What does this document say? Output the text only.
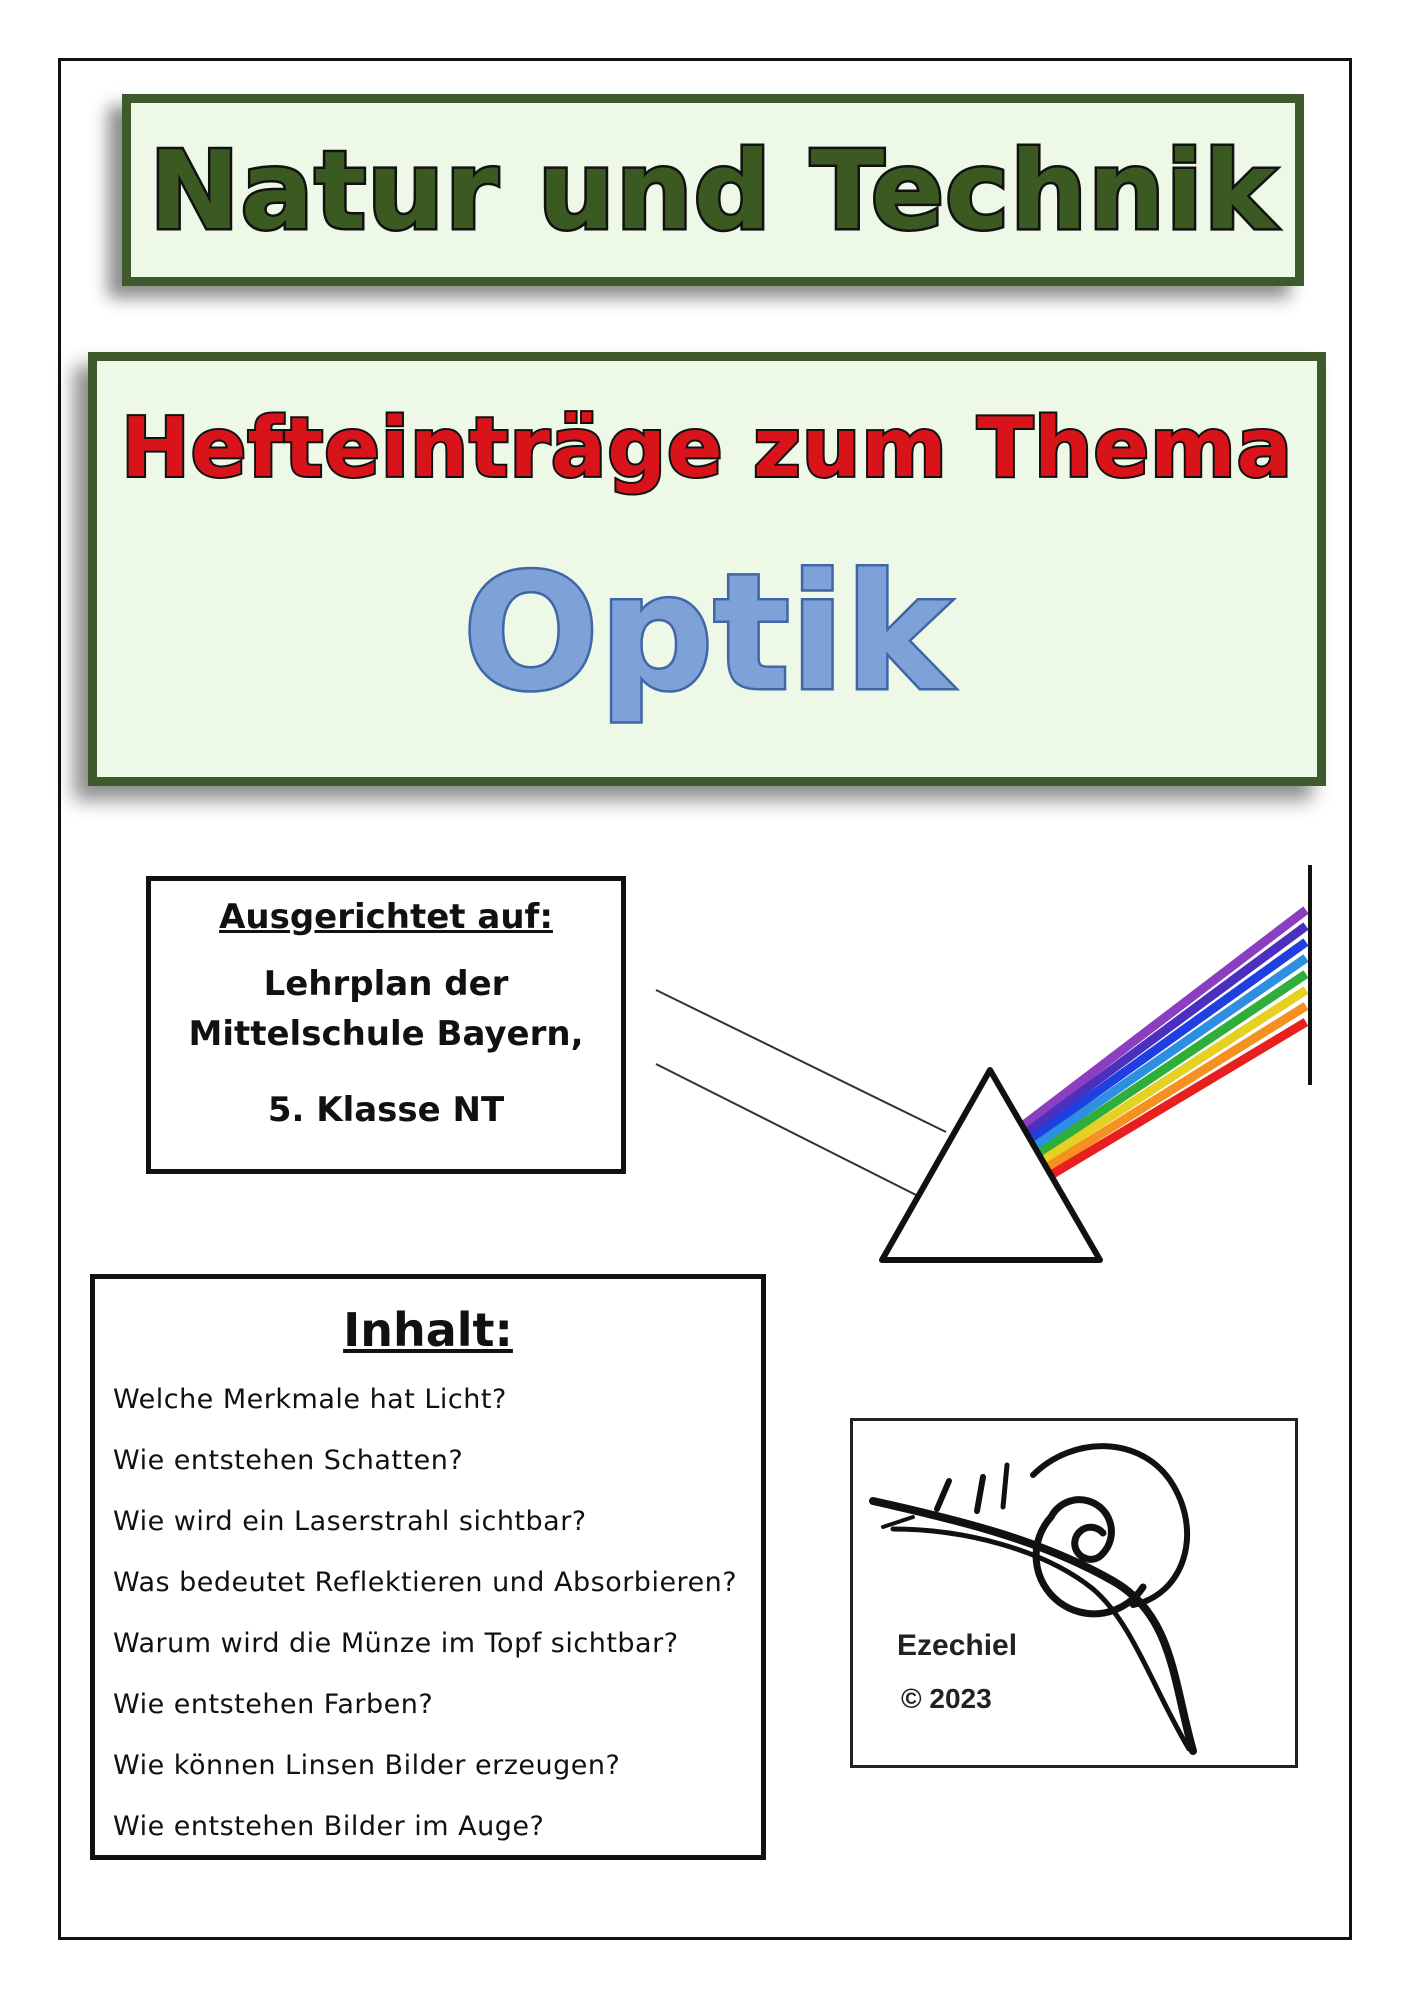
Natur und Technik
Hefteinträge zum Thema
Optik
Ausgerichtet auf:
Lehrplan der
Mittelschule Bayern,
5. Klasse NT
Inhalt:
Welche Merkmale hat Licht?
Wie entstehen Schatten?
Wie wird ein Laserstrahl sichtbar?
Was bedeutet Reflektieren und Absorbieren?
Warum wird die Münze im Topf sichtbar?
Wie entstehen Farben?
Wie können Linsen Bilder erzeugen?
Wie entstehen Bilder im Auge?
Ezechiel
© 2023
